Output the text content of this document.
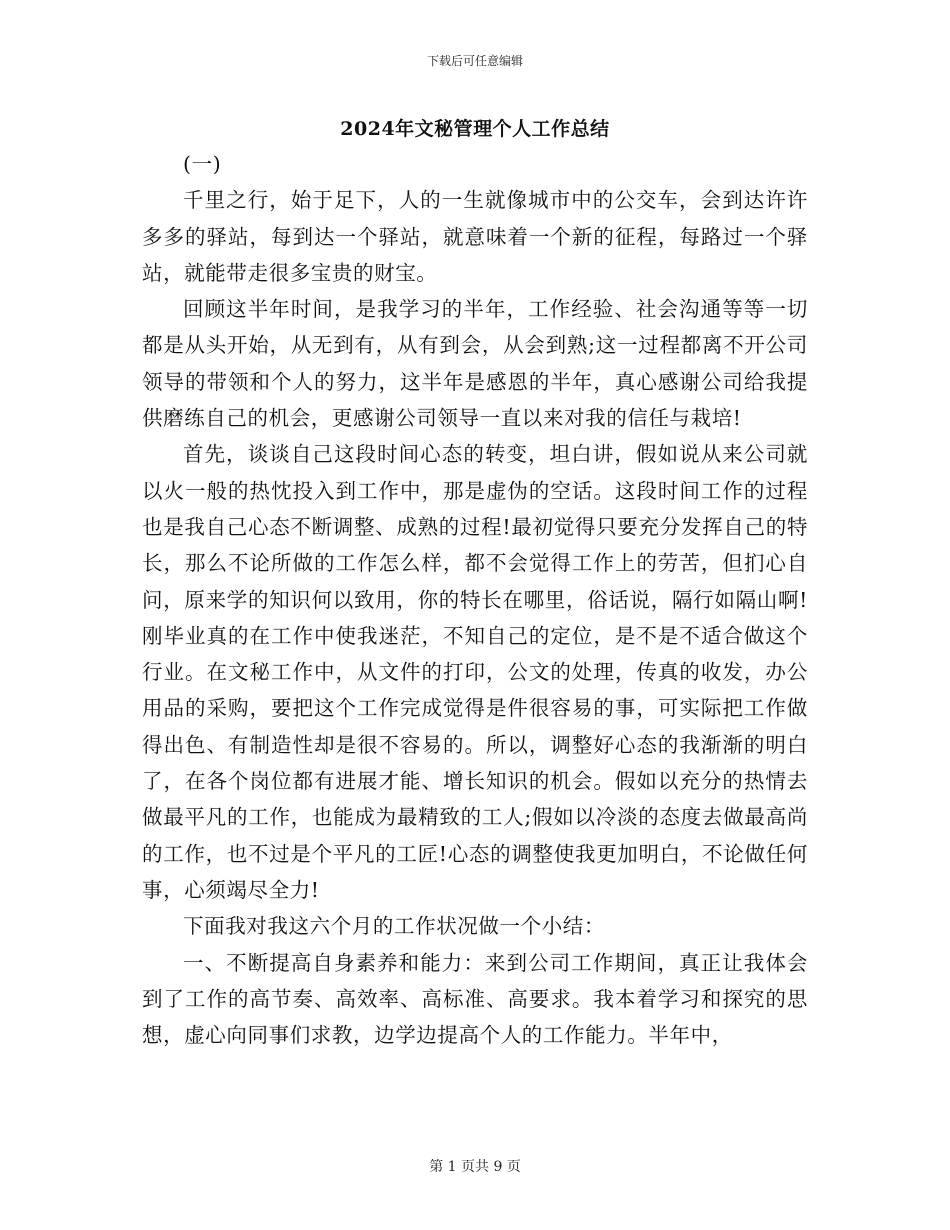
下载后可任意编辑
2024年文秘管理个人工作总结

(一)

千里之行，始于足下，人的一生就像城市中的公交车，会到达许许多多的驿站，每到达一个驿站，就意味着一个新的征程，每路过一个驿站，就能带走很多宝贵的财宝。

回顾这半年时间，是我学习的半年，工作经验、社会沟通等等一切都是从头开始，从无到有，从有到会，从会到熟;这一过程都离不开公司领导的带领和个人的努力，这半年是感恩的半年，真心感谢公司给我提供磨练自己的机会，更感谢公司领导一直以来对我的信任与栽培!

首先，谈谈自己这段时间心态的转变，坦白讲，假如说从来公司就以火一般的热忱投入到工作中，那是虚伪的空话。这段时间工作的过程也是我自己心态不断调整、成熟的过程!最初觉得只要充分发挥自己的特长，那么不论所做的工作怎么样，都不会觉得工作上的劳苦，但扪心自问，原来学的知识何以致用，你的特长在哪里，俗话说，隔行如隔山啊!刚毕业真的在工作中使我迷茫，不知自己的定位，是不是不适合做这个行业。在文秘工作中，从文件的打印，公文的处理，传真的收发，办公用品的采购，要把这个工作完成觉得是件很容易的事，可实际把工作做得出色、有制造性却是很不容易的。所以，调整好心态的我渐渐的明白了，在各个岗位都有进展才能、增长知识的机会。假如以充分的热情去做最平凡的工作，也能成为最精致的工人;假如以冷淡的态度去做最高尚的工作，也不过是个平凡的工匠!心态的调整使我更加明白，不论做任何事，心须竭尽全力!

下面我对我这六个月的工作状况做一个小结：

一、不断提高自身素养和能力：来到公司工作期间，真正让我体会到了工作的高节奏、高效率、高标准、高要求。我本着学习和探究的思想，虚心向同事们求教，边学边提高个人的工作能力。半年中，

第 1 页共 9 页
